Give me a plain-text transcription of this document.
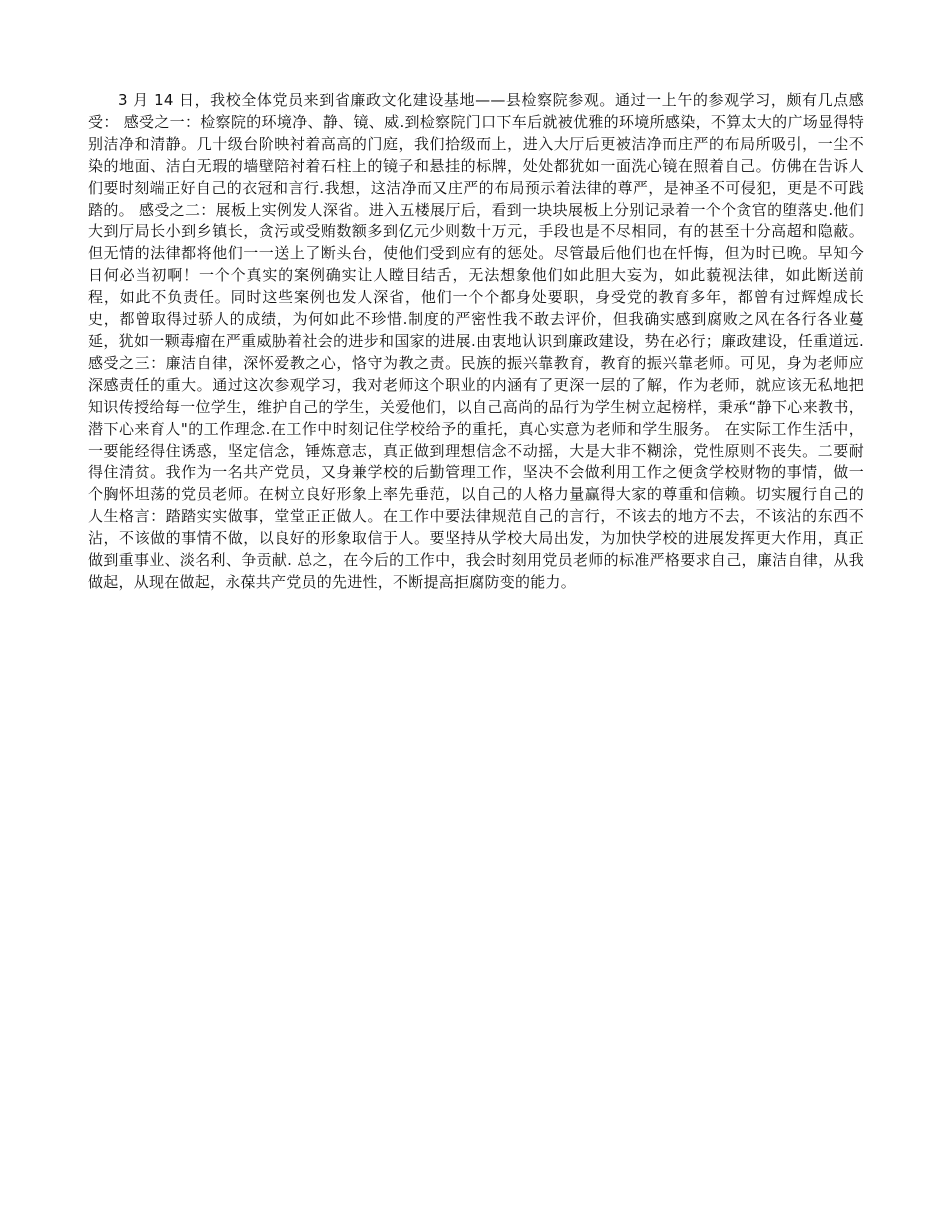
3 月 14 日，我校全体党员来到省廉政文化建设基地——县检察院参观。通过一上午的参观学习，颇有几点感受： 感受之一：检察院的环境净、静、镜、威.到检察院门口下车后就被优雅的环境所感染，不算太大的广场显得特别洁净和清静。几十级台阶映衬着高高的门庭，我们拾级而上，进入大厅后更被洁净而庄严的布局所吸引，一尘不染的地面、洁白无瑕的墙壁陪衬着石柱上的镜子和悬挂的标牌，处处都犹如一面洗心镜在照着自己。仿佛在告诉人们要时刻端正好自己的衣冠和言行.我想，这洁净而又庄严的布局预示着法律的尊严，是神圣不可侵犯，更是不可践踏的。 感受之二：展板上实例发人深省。进入五楼展厅后，看到一块块展板上分别记录着一个个贪官的堕落史.他们大到厅局长小到乡镇长，贪污或受贿数额多到亿元少则数十万元，手段也是不尽相同，有的甚至十分高超和隐蔽。但无情的法律都将他们一一送上了断头台，使他们受到应有的惩处。尽管最后他们也在忏悔，但为时已晚。早知今日何必当初啊！一个个真实的案例确实让人瞠目结舌，无法想象他们如此胆大妄为，如此藐视法律，如此断送前程，如此不负责任。同时这些案例也发人深省，他们一个个都身处要职，身受党的教育多年，都曾有过辉煌成长史，都曾取得过骄人的成绩，为何如此不珍惜.制度的严密性我不敢去评价，但我确实感到腐败之风在各行各业蔓延，犹如一颗毒瘤在严重威胁着社会的进步和国家的进展.由衷地认识到廉政建设，势在必行；廉政建设，任重道远. 感受之三：廉洁自律，深怀爱教之心，恪守为教之责。民族的振兴靠教育，教育的振兴靠老师。可见，身为老师应深感责任的重大。通过这次参观学习，我对老师这个职业的内涵有了更深一层的了解，作为老师，就应该无私地把知识传授给每一位学生，维护自己的学生，关爱他们，以自己高尚的品行为学生树立起榜样，秉承“静下心来教书，潜下心来育人"的工作理念.在工作中时刻记住学校给予的重托，真心实意为老师和学生服务。 在实际工作生活中，一要能经得住诱惑，坚定信念，锤炼意志，真正做到理想信念不动摇，大是大非不糊涂，党性原则不丧失。二要耐得住清贫。我作为一名共产党员，又身兼学校的后勤管理工作，坚决不会做利用工作之便贪学校财物的事情，做一个胸怀坦荡的党员老师。在树立良好形象上率先垂范，以自己的人格力量赢得大家的尊重和信赖。切实履行自己的人生格言：踏踏实实做事，堂堂正正做人。在工作中要法律规范自己的言行，不该去的地方不去，不该沾的东西不沾，不该做的事情不做，以良好的形象取信于人。要坚持从学校大局出发，为加快学校的进展发挥更大作用，真正做到重事业、淡名利、争贡献. 总之，在今后的工作中，我会时刻用党员老师的标准严格要求自己，廉洁自律，从我做起，从现在做起，永葆共产党员的先进性，不断提高拒腐防变的能力。
